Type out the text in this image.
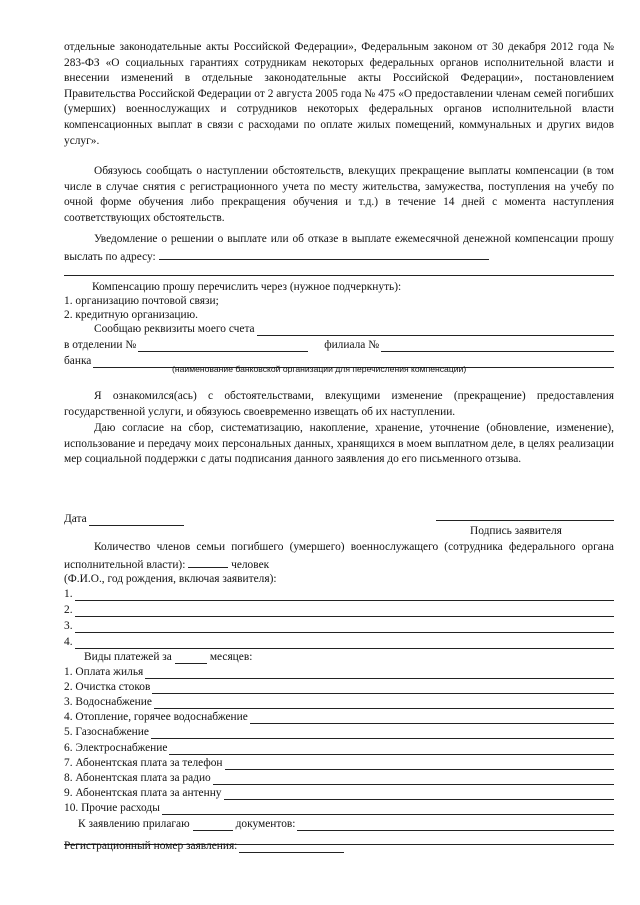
отдельные законодательные акты Российской Федерации», Федеральным законом от 30 декабря 2012 года № 283-ФЗ «О социальных гарантиях сотрудникам некоторых федеральных органов исполнительной власти и внесении изменений в отдельные законодательные акты Российской Федерации», постановлением Правительства Российской Федерации от 2 августа 2005 года № 475 «О предоставлении членам семей погибших (умерших) военнослужащих и сотрудников некоторых федеральных органов исполнительной власти компенсационных выплат в связи с расходами по оплате жилых помещений, коммунальных и других видов услуг».
Обязуюсь сообщать о наступлении обстоятельств, влекущих прекращение выплаты компенсации (в том числе в случае снятия с регистрационного учета по месту жительства, замужества, поступления на учебу по очной форме обучения либо прекращения обучения и т.д.) в течение 14 дней с момента наступления соответствующих обстоятельств.
Уведомление о решении о выплате или об отказе в выплате ежемесячной денежной компенсации прошу выслать по адресу:
Компенсацию прошу перечислить через (нужное подчеркнуть):
1. организацию почтовой связи;
2. кредитную организацию.
Сообщаю реквизиты моего счета
в отделении №	филиала №
банка
(наименование банковской организации для перечисления компенсации)
Я ознакомился(ась) с обстоятельствами, влекущими изменение (прекращение) предоставления государственной услуги, и обязуюсь своевременно извещать об их наступлении.
Даю согласие на сбор, систематизацию, накопление, хранение, уточнение (обновление, изменение), использование и передачу моих персональных данных, хранящихся в моем выплатном деле, в целях реализации мер социальной поддержки с даты подписания данного заявления до его письменного отзыва.
Дата
Подпись заявителя
Количество членов семьи погибшего (умершего) военнослужащего (сотрудника федерального органа исполнительной власти):	человек
(Ф.И.О., год рождения, включая заявителя):
1.
2.
3.
4.
Виды платежей за	месяцев:
1. Оплата жилья
2. Очистка стоков
3. Водоснабжение
4. Отопление, горячее водоснабжение
5. Газоснабжение
6. Электроснабжение
7. Абонентская плата за телефон
8. Абонентская плата за радио
9. Абонентская плата за антенну
10. Прочие расходы
К заявлению прилагаю	документов:
Регистрационный номер заявления:
